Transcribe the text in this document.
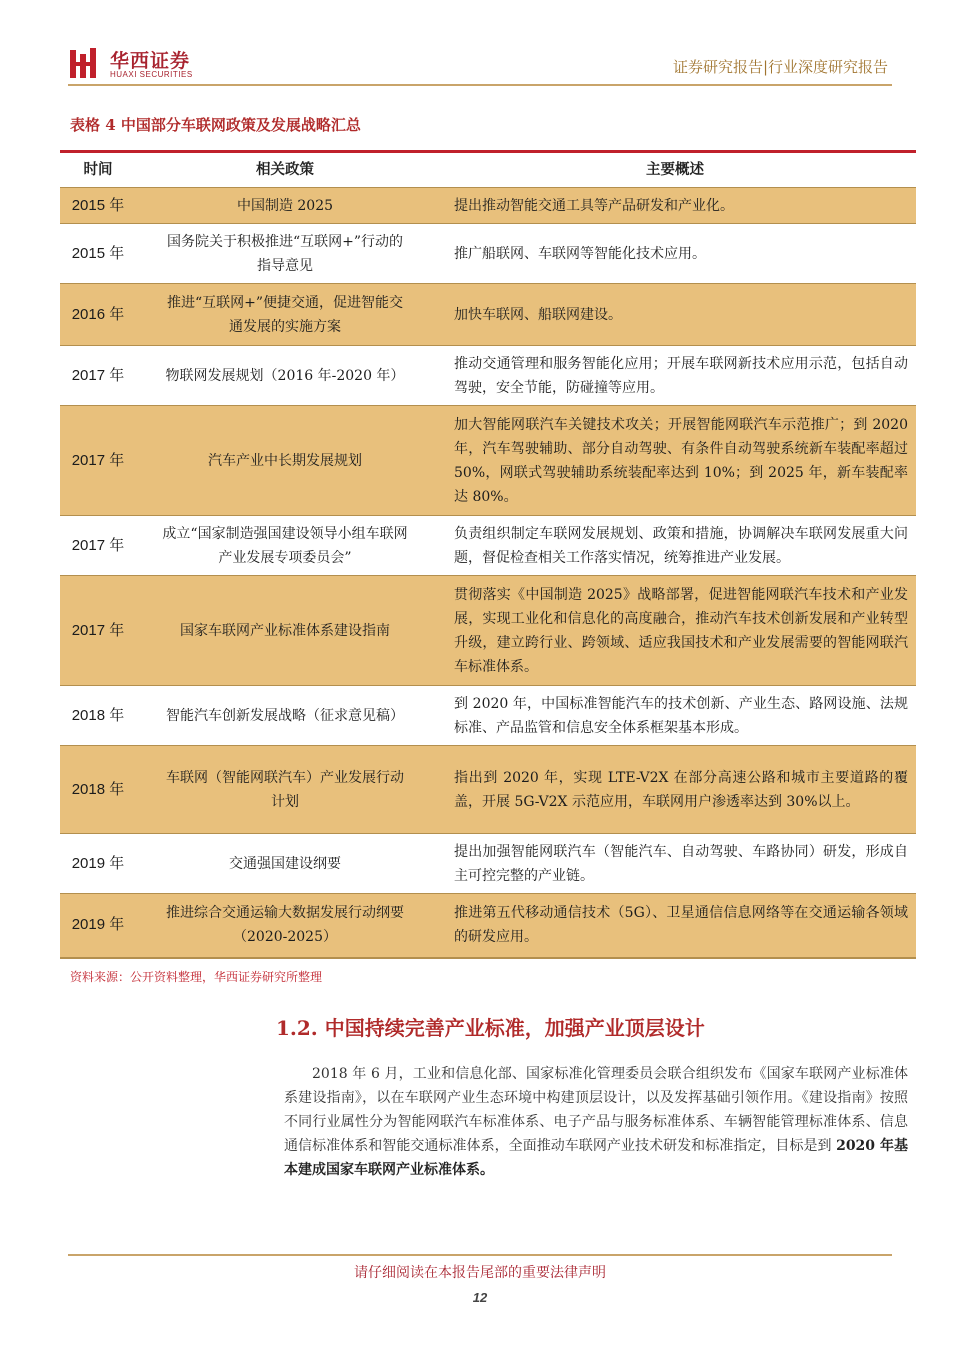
华西证券
HUAXI SECURITIES	证券研究报告|行业深度研究报告
表格 4 中国部分车联网政策及发展战略汇总
时间	相关政策	主要概述
2015 年	中国制造 2025	提出推动智能交通工具等产品研发和产业化。
2015 年	国务院关于积极推进“互联网+”行动的指导意见	推广船联网、车联网等智能化技术应用。
2016 年	推进“互联网+”便捷交通，促进智能交通发展的实施方案	加快车联网、船联网建设。
2017 年	物联网发展规划（2016 年-2020 年）	推动交通管理和服务智能化应用；开展车联网新技术应用示范，包括自动驾驶，安全节能，防碰撞等应用。
2017 年	汽车产业中长期发展规划	加大智能网联汽车关键技术攻关；开展智能网联汽车示范推广；到 2020 年，汽车驾驶辅助、部分自动驾驶、有条件自动驾驶系统新车装配率超过 50%，网联式驾驶辅助系统装配率达到 10%；到 2025 年，新车装配率达 80%。
2017 年	成立“国家制造强国建设领导小组车联网产业发展专项委员会”	负责组织制定车联网发展规划、政策和措施，协调解决车联网发展重大问题，督促检查相关工作落实情况，统筹推进产业发展。
2017 年	国家车联网产业标准体系建设指南	贯彻落实《中国制造 2025》战略部署，促进智能网联汽车技术和产业发展，实现工业化和信息化的高度融合，推动汽车技术创新发展和产业转型升级，建立跨行业、跨领域、适应我国技术和产业发展需要的智能网联汽车标准体系。
2018 年	智能汽车创新发展战略（征求意见稿）	到 2020 年，中国标准智能汽车的技术创新、产业生态、路网设施、法规标准、产品监管和信息安全体系框架基本形成。
2018 年	车联网（智能网联汽车）产业发展行动计划	指出到 2020 年，实现 LTE-V2X 在部分高速公路和城市主要道路的覆盖，开展 5G-V2X 示范应用，车联网用户渗透率达到 30%以上。
2019 年	交通强国建设纲要	提出加强智能网联汽车（智能汽车、自动驾驶、车路协同）研发，形成自主可控完整的产业链。
2019 年	推进综合交通运输大数据发展行动纲要（2020-2025）	推进第五代移动通信技术（5G）、卫星通信信息网络等在交通运输各领域的研发应用。
资料来源：公开资料整理，华西证券研究所整理
1.2. 中国持续完善产业标准，加强产业顶层设计

2018 年 6 月，工业和信息化部、国家标准化管理委员会联合组织发布《国家车联网产业标准体系建设指南》，以在车联网产业生态环境中构建顶层设计，以及发挥基础引领作用。《建设指南》按照不同行业属性分为智能网联汽车标准体系、电子产品与服务标准体系、车辆智能管理标准体系、信息通信标准体系和智能交通标准体系，全面推动车联网产业技术研发和标准指定，目标是到 2020 年基本建成国家车联网产业标准体系。

请仔细阅读在本报告尾部的重要法律声明
12
